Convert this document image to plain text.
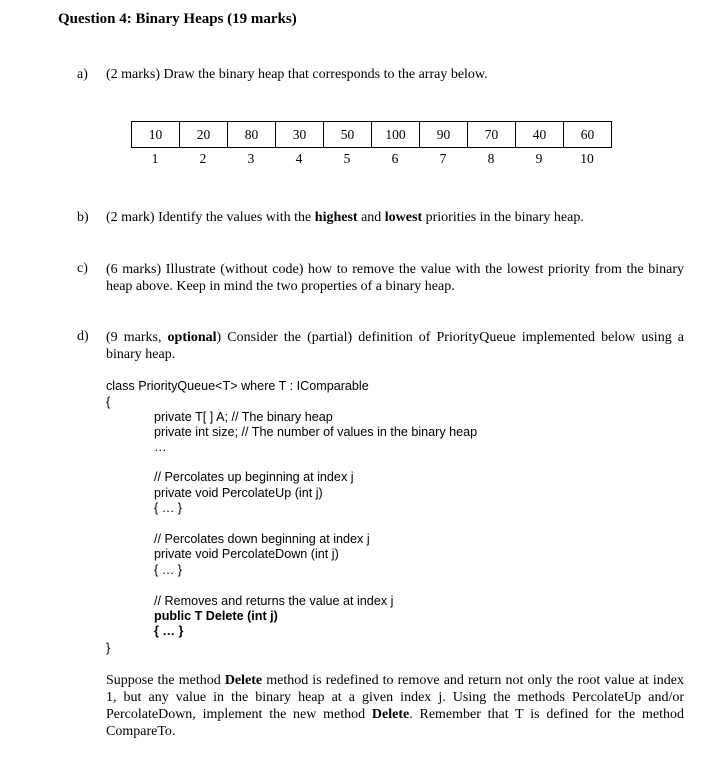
Question 4: Binary Heaps (19 marks)
a) (2 marks) Draw the binary heap that corresponds to the array below.
10	20	80	30	50	100	90	70	40	60
1	2	3	4	5	6	7	8	9	10
b) (2 mark) Identify the values with the highest and lowest priorities in the binary heap.
c) (6 marks) Illustrate (without code) how to remove the value with the lowest priority from the binary heap above. Keep in mind the two properties of a binary heap.
d) (9 marks, optional) Consider the (partial) definition of PriorityQueue implemented below using a binary heap.
class PriorityQueue<T> where T : IComparable
{
private T[ ] A; // The binary heap
private int size; // The number of values in the binary heap
…
// Percolates up beginning at index j
private void PercolateUp (int j)
{ … }
// Percolates down beginning at index j
private void PercolateDown (int j)
{ … }
// Removes and returns the value at index j
public T Delete (int j)
{ … }
}
Suppose the method Delete method is redefined to remove and return not only the root value at index 1, but any value in the binary heap at a given index j. Using the methods PercolateUp and/or PercolateDown, implement the new method Delete. Remember that T is defined for the method CompareTo.
